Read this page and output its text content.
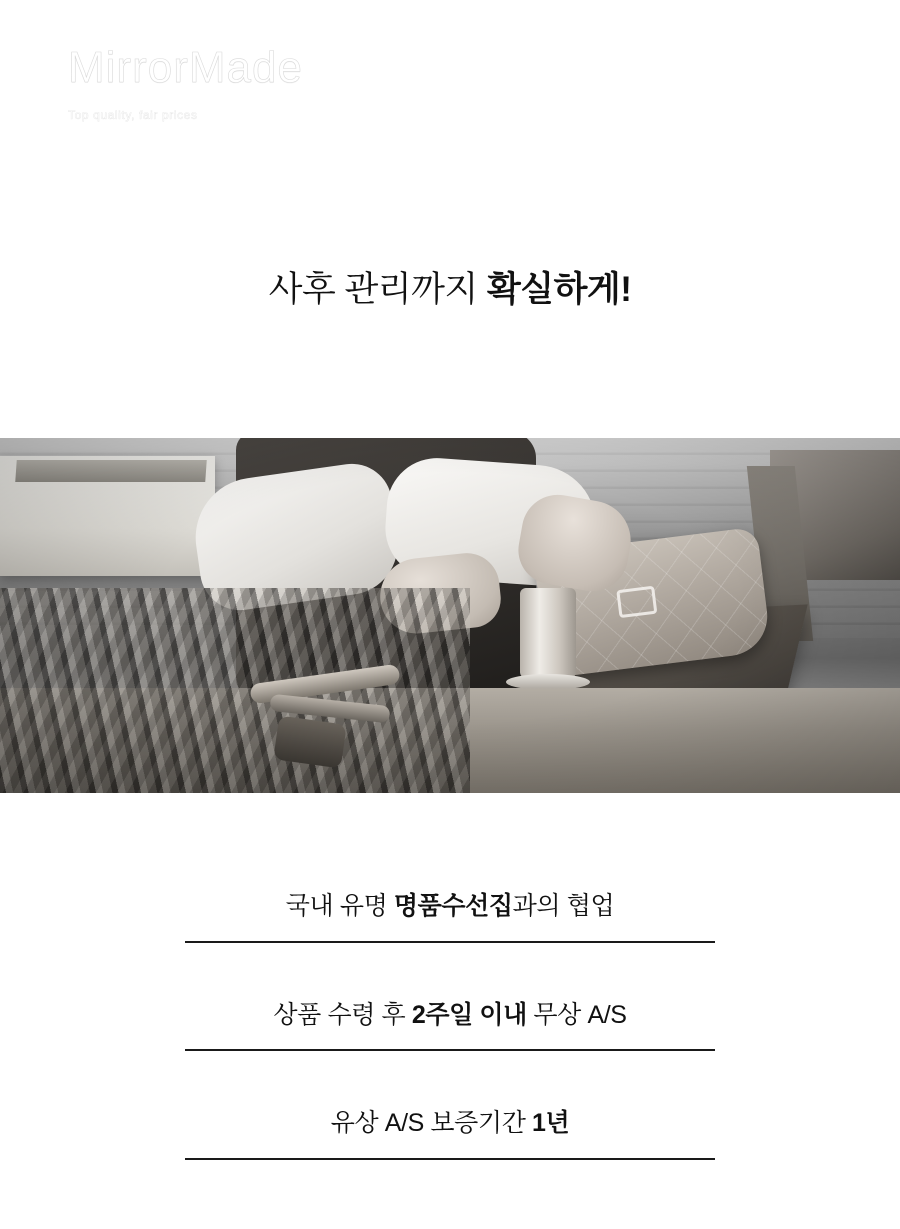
MirrorMade
Top quality, fair prices
사후 관리까지 확실하게!
국내 유명 명품수선집과의 협업
상품 수령 후 2주일 이내 무상 A/S
유상 A/S 보증기간 1년
